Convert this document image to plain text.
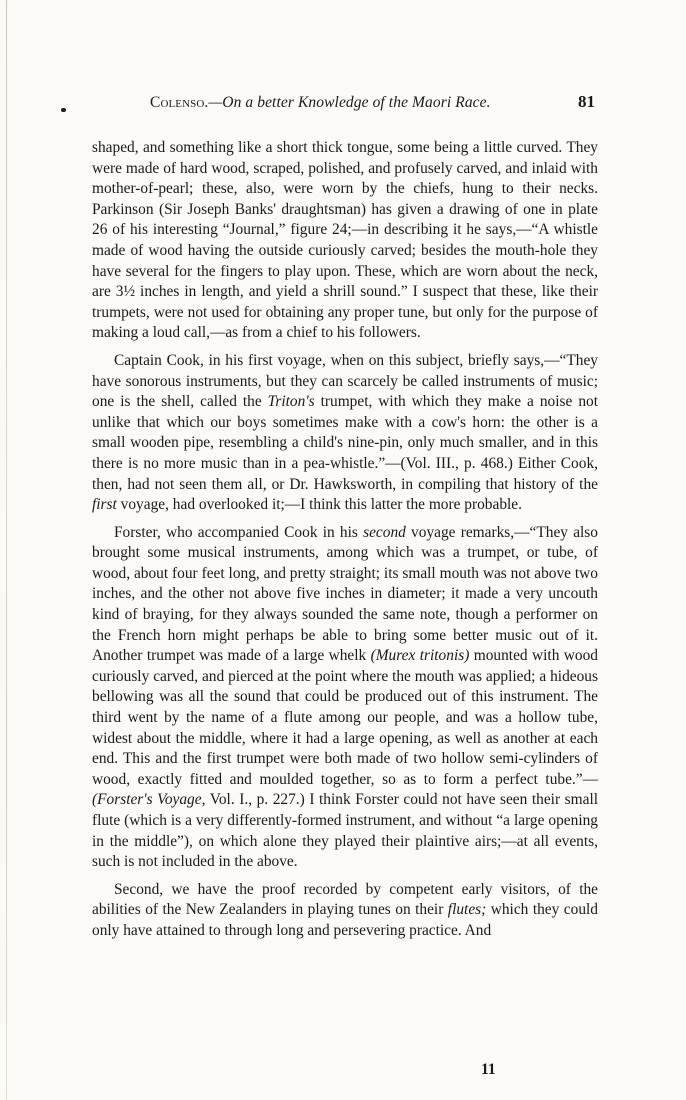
Colenso.—On a better Knowledge of the Maori Race.	81

shaped, and something like a short thick tongue, some being a little curved. They were made of hard wood, scraped, polished, and profusely carved, and inlaid with mother-of-pearl; these, also, were worn by the chiefs, hung to their necks. Parkinson (Sir Joseph Banks' draughtsman) has given a drawing of one in plate 26 of his interesting “Journal,” figure 24;—in describing it he says,—“A whistle made of wood having the outside curiously carved; besides the mouth-hole they have several for the fingers to play upon. These, which are worn about the neck, are 3½ inches in length, and yield a shrill sound.” I suspect that these, like their trumpets, were not used for obtaining any proper tune, but only for the purpose of making a loud call,—as from a chief to his followers.

Captain Cook, in his first voyage, when on this subject, briefly says,—“They have sonorous instruments, but they can scarcely be called instruments of music; one is the shell, called the Triton's trumpet, with which they make a noise not unlike that which our boys sometimes make with a cow's horn: the other is a small wooden pipe, resembling a child's nine-pin, only much smaller, and in this there is no more music than in a pea-whistle.”—(Vol. III., p. 468.) Either Cook, then, had not seen them all, or Dr. Hawksworth, in compiling that history of the first voyage, had overlooked it;—I think this latter the more probable.

Forster, who accompanied Cook in his second voyage remarks,—“They also brought some musical instruments, among which was a trumpet, or tube, of wood, about four feet long, and pretty straight; its small mouth was not above two inches, and the other not above five inches in diameter; it made a very uncouth kind of braying, for they always sounded the same note, though a performer on the French horn might perhaps be able to bring some better music out of it. Another trumpet was made of a large whelk (Murex tritonis) mounted with wood curiously carved, and pierced at the point where the mouth was applied; a hideous bellowing was all the sound that could be produced out of this instrument. The third went by the name of a flute among our people, and was a hollow tube, widest about the middle, where it had a large opening, as well as another at each end. This and the first trumpet were both made of two hollow semi-cylinders of wood, exactly fitted and moulded together, so as to form a perfect tube.”—(Forster's Voyage, Vol. I., p. 227.) I think Forster could not have seen their small flute (which is a very differently-formed instrument, and without “a large opening in the middle”), on which alone they played their plaintive airs;—at all events, such is not included in the above.

Second, we have the proof recorded by competent early visitors, of the abilities of the New Zealanders in playing tunes on their flutes; which they could only have attained to through long and persevering practice. And

11
